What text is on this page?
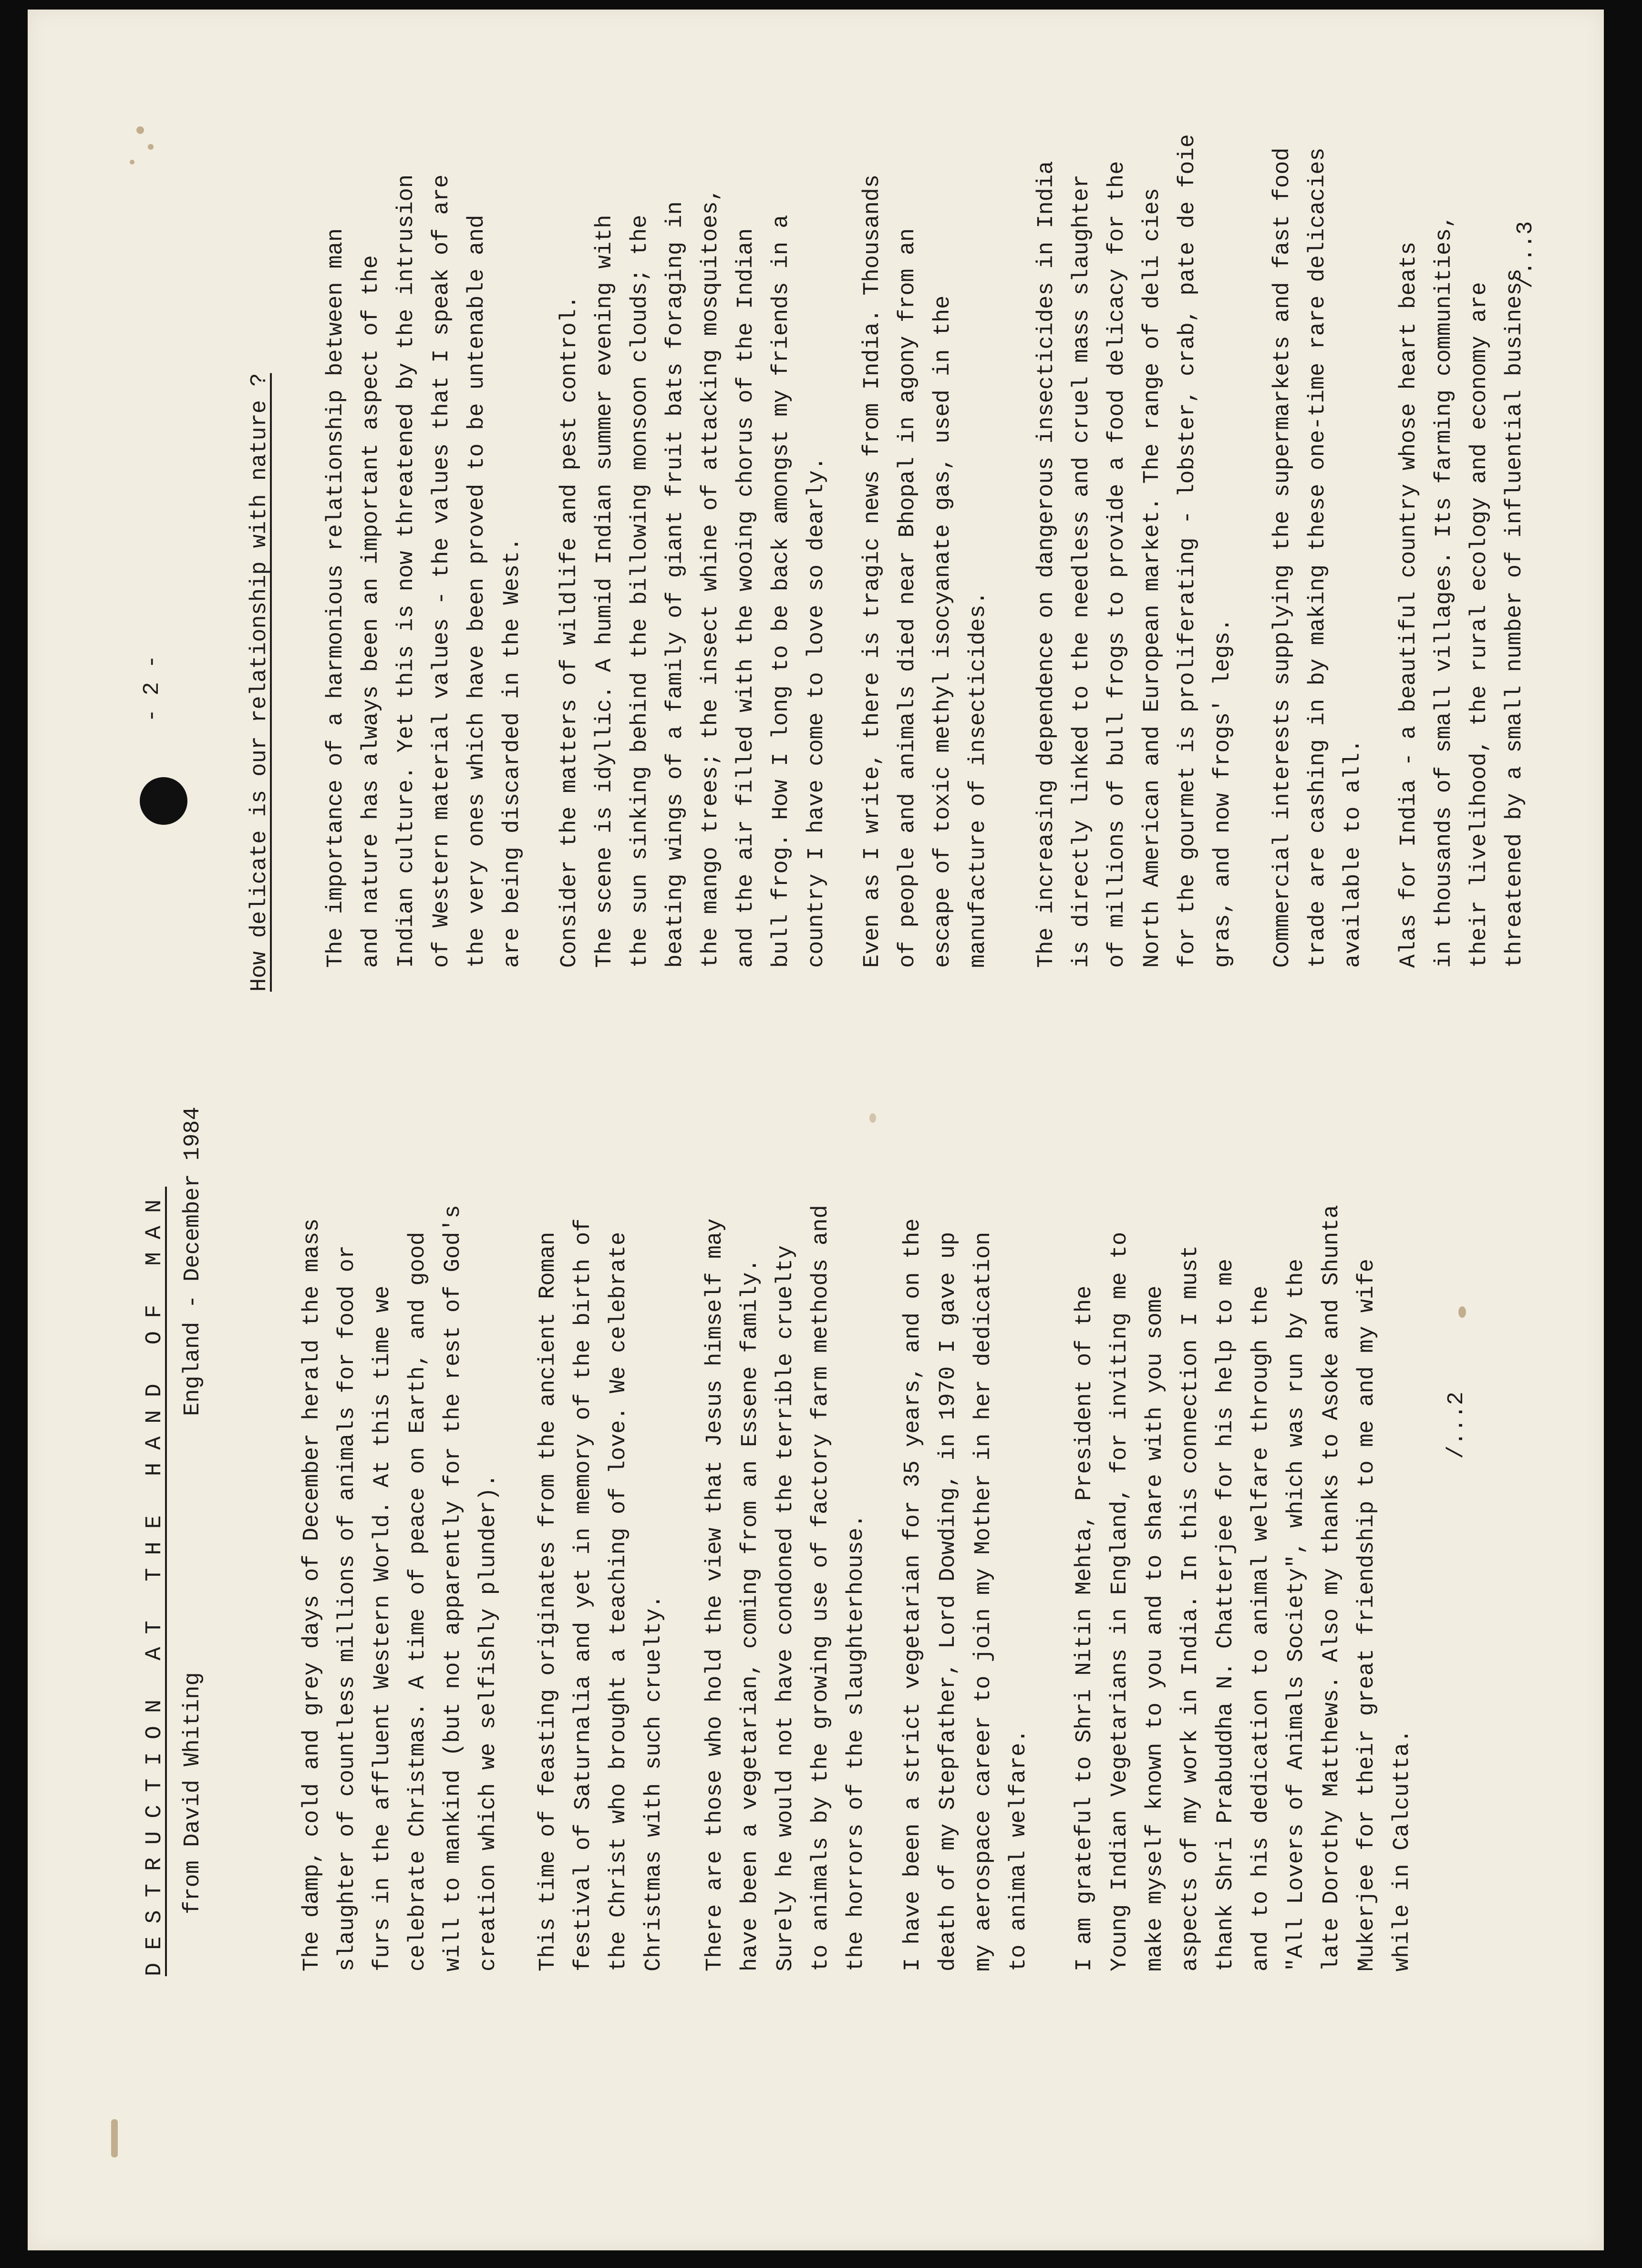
DESTRUCTION AT THE HAND OF MAN from David Whiting
England - December 1984
/...2
- 2 -	How delicate is our relationship with nature ?
/...3
The damp, cold and grey days of December herald the mass slaughter of countless millions of animals for food or furs in the affluent Western World. At this time we celebrate Christmas. A time of peace on Earth, and good will to mankind (but not apparently for the rest of God's creation which we selfishly plunder). This time of feasting originates from the ancient Roman festival of Saturnalia and yet in memory of the birth of the Christ who brought a teaching of love. We celebrate Christmas with such cruelty. There are those who hold the view that Jesus himself may have been a vegetarian, coming from an Essene family. Surely he would not have condoned the terrible cruelty to animals by the growing use of factory farm methods and the horrors of the slaughterhouse. I have been a strict vegetarian for 35 years, and on the death of my Stepfather, Lord Dowding, in 1970 I gave up my aerospace career to join my Mother in her dedication to animal welfare. I am grateful to Shri Nitin Mehta, President of the Young Indian Vegetarians in England, for inviting me to make myself known to you and to share with you some aspects of my work in India. In this connection I must thank Shri Prabuddha N. Chatterjee for his help to me and to his dedication to animal welfare through the "All Lovers of Animals Society", which was run by the late Dorothy Matthews. Also my thanks to Asoke and Shunta Mukerjee for their great friendship to me and my wife while in Calcutta.
The importance of a harmonious relationship between man and nature has always been an important aspect of the Indian culture. Yet this is now threatened by the intrusion of Western material values - the values that I speak of are the very ones which have been proved to be untenable and are being discarded in the West. Consider the matters of wildlife and pest control. The scene is idyllic. A humid Indian summer evening with the sun sinking behind the billowing monsoon clouds; the beating wings of a family of giant fruit bats foraging in the mango trees; the insect whine of attacking mosquitoes, and the air filled with the wooing chorus of the Indian bull frog. How I long to be back amongst my friends in a country I have come to love so dearly. Even as I write, there is tragic news from India. Thousands of people and animals died near Bhopal in agony from an escape of toxic methyl isocyanate gas, used in the manufacture of insecticides. The increasing dependence on dangerous insecticides in India is directly linked to the needless and cruel mass slaughter of millions of bull frogs to provide a food delicacy for the North American and European market. The range of deli cies for the gourmet is proliferating - lobster, crab, pate de foie gras, and now frogs' legs. Commercial interests supplying the supermarkets and fast food trade are cashing in by making these one-time rare delicacies available to all. Alas for India - a beautiful country whose heart beats in thousands of small villages. Its farming communities, their livelihood, the rural ecology and economy are threatened by a small number of influential business
